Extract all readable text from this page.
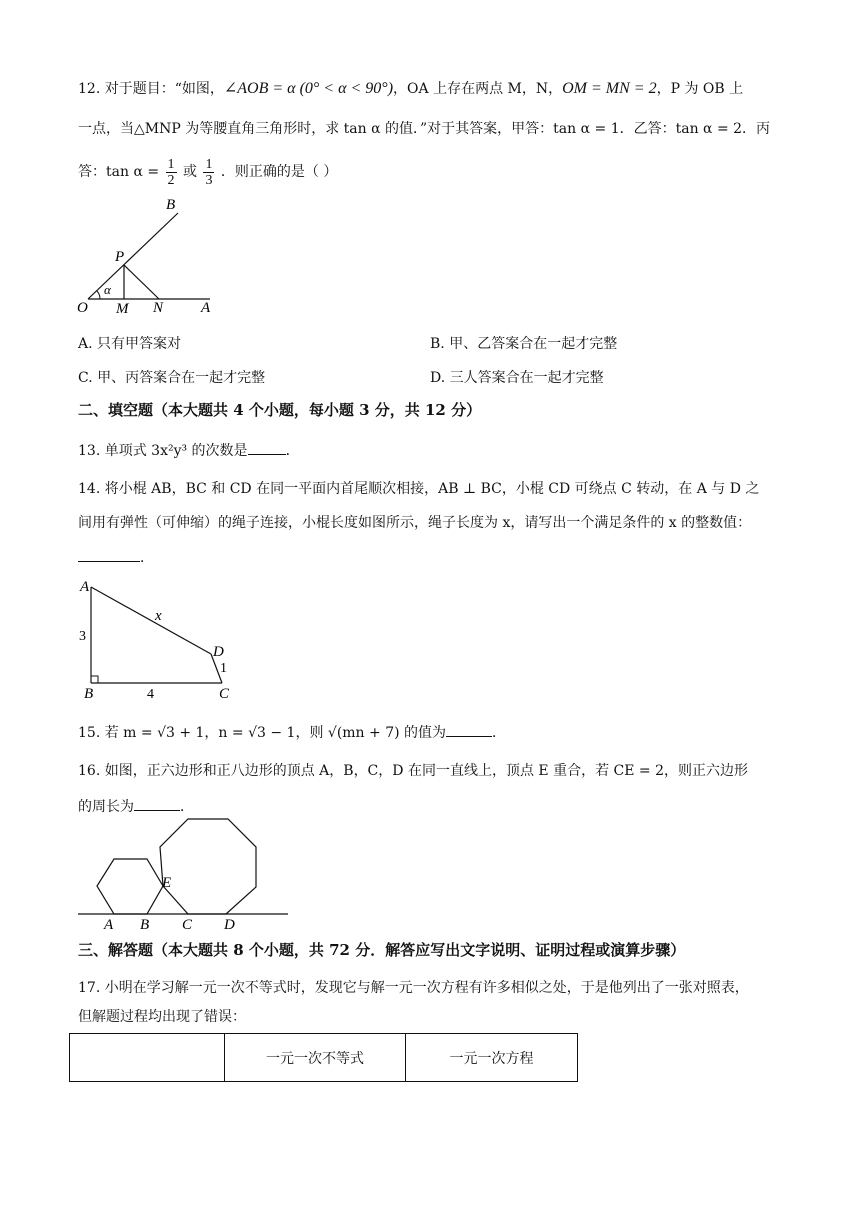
12. 对于题目：“如图，∠AOB = α (0° < α < 90°)，OA 上存在两点 M，N，OM = MN = 2，P 为 OB 上
一点，当△MNP 为等腰直角三角形时，求 tan α 的值．”对于其答案，甲答：tan α = 1．乙答：tan α = 2．丙
答：$\tan \alpha = \frac{1}{2}$ 或 $\frac{1}{3}$ ．则正确的是（ ）
B
P
α
O M N	A
A. 只有甲答案对	B. 甲、乙答案合在一起才完整
C. 甲、丙答案合在一起才完整	D. 三人答案合在一起才完整
二、填空题（本大题共 4 个小题，每小题 3 分，共 12 分）
13. 单项式 3x²y³ 的次数是	．
14. 将小棍 AB，BC 和 CD 在同一平面内首尾顺次相接，AB ⊥ BC，小棍 CD 可绕点 C 转动，在 A 与 D 之
间用有弹性（可伸缩）的绳子连接，小棍长度如图所示，绳子长度为 x，请写出一个满足条件的 x 的整数值：
．
A
x
D
1
3
B	4	C
15. 若 m = √3 + 1，n = √3 − 1，则 √(mn + 7) 的值为	．
16. 如图，正六边形和正八边形的顶点 A，B，C，D 在同一直线上，顶点 E 重合，若 CE = 2，则正六边形
的周长为	．
E
A B C D
三、解答题（本大题共 8 个小题，共 72 分．解答应写出文字说明、证明过程或演算步骤）
17. 小明在学习解一元一次不等式时，发现它与解一元一次方程有许多相似之处，于是他列出了一张对照表，
但解题过程均出现了错误：
	一元一次不等式	一元一次方程
